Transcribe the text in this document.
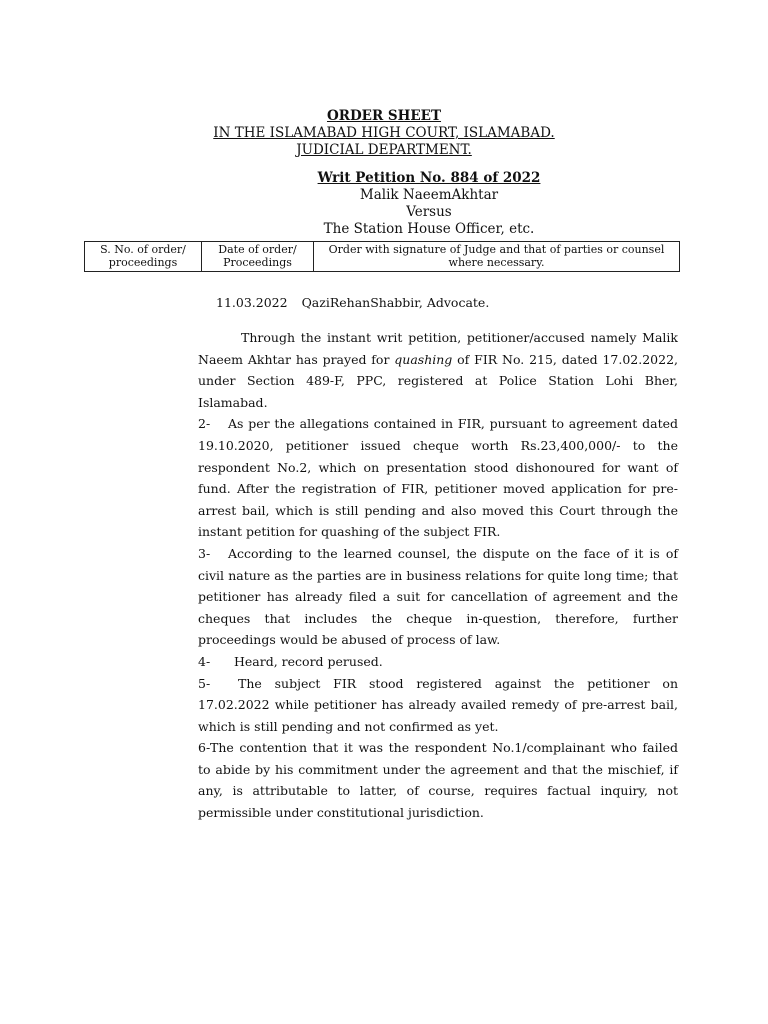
ORDER SHEET
IN THE ISLAMABAD HIGH COURT, ISLAMABAD.
JUDICIAL DEPARTMENT.
Writ Petition No. 884 of 2022
Malik NaeemAkhtar
Versus
The Station House Officer, etc.
S. No. of order/ proceedings	Date of order/ Proceedings	Order with signature of Judge and that of parties or counsel where necessary.
11.03.2022 QaziRehanShabbir, Advocate.

Through the instant writ petition, petitioner/accused namely Malik Naeem Akhtar has prayed for quashing of FIR No. 215, dated 17.02.2022, under Section 489-F, PPC, registered at Police Station Lohi Bher, Islamabad.

2- As per the allegations contained in FIR, pursuant to agreement dated 19.10.2020, petitioner issued cheque worth Rs.23,400,000/- to the respondent No.2, which on presentation stood dishonoured for want of fund. After the registration of FIR, petitioner moved application for pre-arrest bail, which is still pending and also moved this Court through the instant petition for quashing of the subject FIR.

3- According to the learned counsel, the dispute on the face of it is of civil nature as the parties are in business relations for quite long time; that petitioner has already filed a suit for cancellation of agreement and the cheques that includes the cheque in-question, therefore, further proceedings would be abused of process of law.

4- Heard, record perused.

5- The subject FIR stood registered against the petitioner on 17.02.2022 while petitioner has already availed remedy of pre-arrest bail, which is still pending and not confirmed as yet.

6-The contention that it was the respondent No.1/complainant who failed to abide by his commitment under the agreement and that the mischief, if any, is attributable to latter, of course, requires factual inquiry, not permissible under constitutional jurisdiction.
